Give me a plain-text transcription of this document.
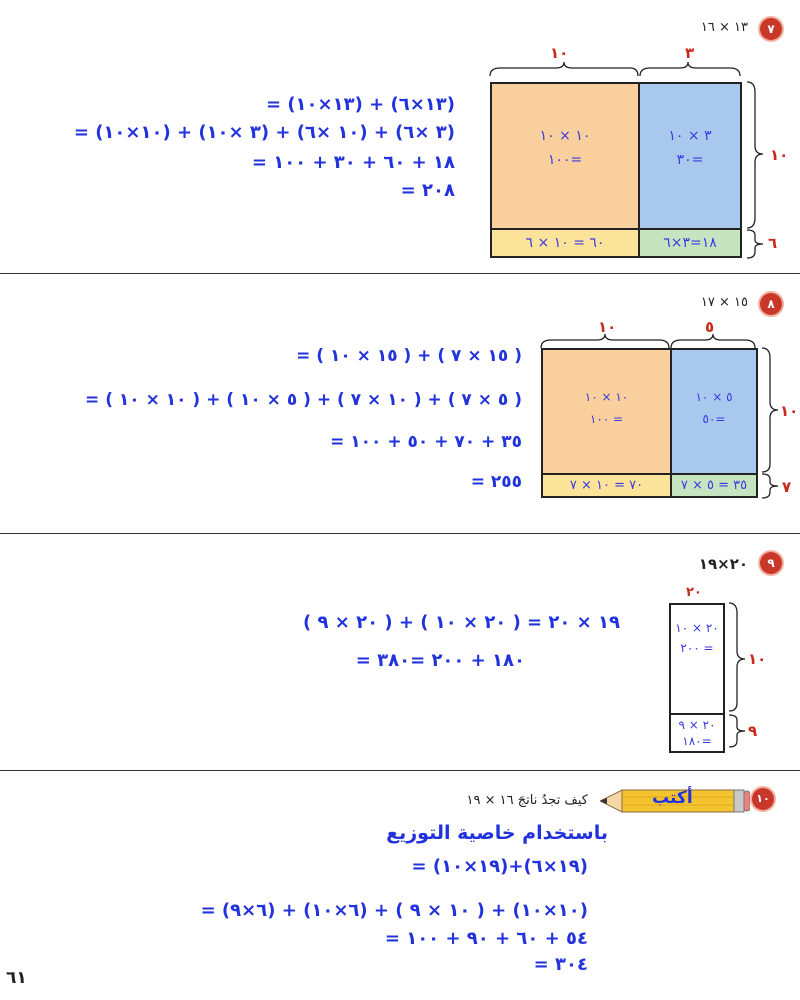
٧
١٣ × ١٦
١٠	٣
١٠ × ١٠
١٠٠=
٣ × ١٠
٣٠=
٦٠ = ١٠ × ٦	١٨=٣×٦
١٠
٦
= (١٣×١٠) + (١٣×٦)
= (١٠×١٠) + (٣ ×١٠) + (١٠ ×٦) + (٣ ×٦)
= ١٨ + ٦٠ + ٣٠ + ١٠٠
= ٢٠٨
٨
١٥ × ١٧
١٠	٥
١٠ × ١٠
١٠٠ =
٥ × ١٠
٥٠=
٧٠ = ١٠ × ٧	٣٥ = ٥ × ٧
١٠
٧
= ( ١٥ × ١٠ ) + ( ١٥ × ٧ )
= ( ١٠ × ١٠ ) + ( ٥ × ١٠ ) + ( ١٠ × ٧ ) + ( ٥ × ٧ )
= ٣٥ + ٧٠ + ٥٠ + ١٠٠
= ٢٥٥
٩
٢٠×١٩
٢٠
٢٠ × ١٠
٢٠٠ =
٢٠ × ٩
١٨٠=
١٠
٩
١٩ × ٢٠ = ( ٢٠ × ١٠ ) + ( ٢٠ × ٩ )
= ١٨٠ + ٢٠٠ =٣٨٠
١٠
أكتب
كيف تجدُ ناتجَ ١٦ × ١٩
باستخدام خاصية التوزيع
= (١٩×١٠)+(١٩×٦)
= (٦×٩) + (٦×١٠) + ( ١٠ × ٩ ) + (١٠×١٠)
= ٥٤ + ٦٠ + ٩٠ + ١٠٠
= ٣٠٤
٦١
